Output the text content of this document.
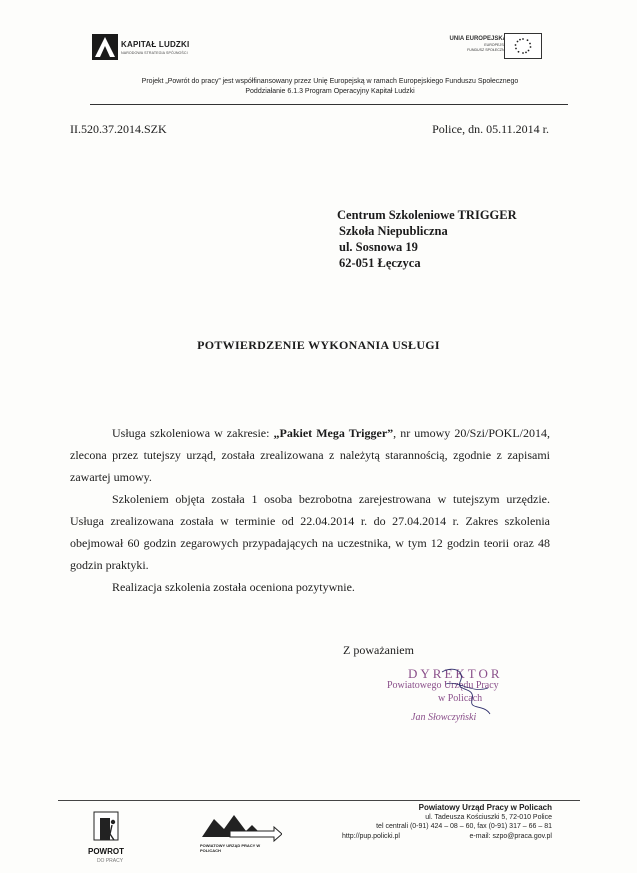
KAPITAŁ LUDZKI
NARODOWA STRATEGIA SPÓJNOŚCI
UNIA EUROPEJSKA
EUROPEJSKI
FUNDUSZ SPOŁECZNY
Projekt „Powrót do pracy” jest współfinansowany przez Unię Europejską w ramach Europejskiego Funduszu Społecznego
Poddziałanie 6.1.3 Program Operacyjny Kapitał Ludzki
II.520.37.2014.SZK	Police, dn. 05.11.2014 r.
Centrum Szkoleniowe TRIGGER
Szkoła Niepubliczna
ul. Sosnowa 19
62-051 Łęczyca
POTWIERDZENIE WYKONANIA USŁUGI

Usługa szkoleniowa w zakresie: „Pakiet Mega Trigger”, nr umowy 20/Szi/POKL/2014, zlecona przez tutejszy urząd, została zrealizowana z należytą starannością, zgodnie z zapisami zawartej umowy.

Szkoleniem objęta została 1 osoba bezrobotna zarejestrowana w tutejszym urzędzie. Usługa zrealizowana została w terminie od 22.04.2014 r. do 27.04.2014 r. Zakres szkolenia obejmował 60 godzin zegarowych przypadających na uczestnika, w tym 12 godzin teorii oraz 48 godzin praktyki.

Realizacja szkolenia została oceniona pozytywnie.

Z poważaniem
DYREKTOR
Powiatowego Urzędu Pracy
w Policach
Jan Słowczyński
POWROT
DO PRACY
POWIATOWY URZĄD PRACY W POLICACH
Powiatowy Urząd Pracy w Policach
ul. Tadeusza Kościuszki 5, 72-010 Police
tel centrali (0-91) 424 – 08 – 60, fax (0-91) 317 – 66 – 81
http://pup.policki.pl	e-mail: szpo@praca.gov.pl
